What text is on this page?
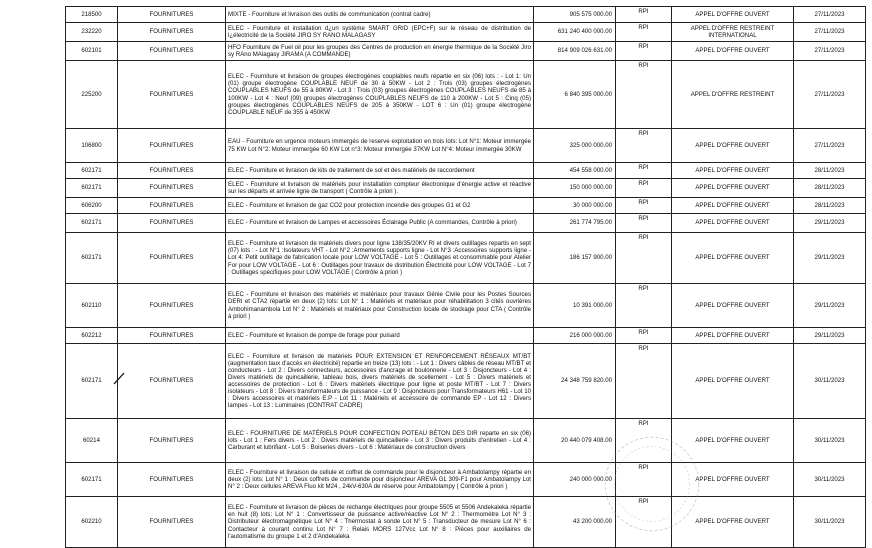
218500	FOURNITURES	MIXTE - Fourniture et livraison des outils de communication (contrat cadre)	905 575 000.00	RPI	APPEL D'OFFRE OUVERT	27/11/2023
232220	FOURNITURES	ELEC - Fourniture et installation d¿un système SMART GRID (EPC+F) sur le réseau de distribution de l¿électricité de la Société JIRO SY RANO MALAGASY	631 240 400 000.00	RPI	APPEL D'OFFRE RESTREINT INTERNATIONAL	27/11/2023
602101	FOURNITURES	HFO Fourniture de Fuel oil pour les groupes des Centres de production en énergie thermique de la Société Jiro sy RAno MAlagasy JIRAMA (A COMMANDE)	814 909 026 631.00	RPI	APPEL D'OFFRE OUVERT	27/11/2023
225200	FOURNITURES	ELEC - Fourniture et livraison de groupes électrogènes couplables neufs répartie en six (06) lots : - Lot 1: Un (01) groupe électrogène COUPLABLE NEUF de 30 à 50KW - Lot 2 : Trois (03) groupes électrogènes COUPLABLES NEUFS de 55 à 80KW - Lot 3 : Trois (03) groupes électrogènes COUPLABLES NEUFS de 85 à 100KW - Lot 4 : Neuf (09) groupes électrogènes COUPLABLES NEUFS de 110 à 200KW - Lot 5 : Cinq (05) groupes électrogènes COUPLABLES NEUFS de 205 à 350KW - LOT 6 : Un (01) groupe électrogène COUPLABLE NEUF de 355 à 450KW	6 840 395 000.00	RPI	APPEL D'OFFRE RESTREINT	27/11/2023
106800	FOURNITURES	EAU - Fourniture en urgence moteurs immergés de reserve exploitation en trois lots: Lot N°1: Moteur immergée 75 KW Lot N°2: Moteur immergée 60 KW Lot n°3: Moteur immergée 37KW Lot N°4: Moteur immergée 30KW	325 000 000.00	RPI	APPEL D'OFFRE OUVERT	27/11/2023
602171	FOURNITURES	ELEC - Fourniture et livraison de kits de traitement de sol et des matériels de raccordement	454 558 000.00	RPI	APPEL D'OFFRE OUVERT	28/11/2023
602171	FOURNITURES	ELEC - Fourniture et livraison de matériels pour installation compteur électronique d'énergie active et réactive sur les départs et arrivée ligne de transport ( Contrôle à priori ).	150 000 000.00	RPI	APPEL D'OFFRE OUVERT	28/11/2023
606200	FOURNITURES	ELEC - Fourniture et livraison de gaz CO2 pour protection incendie des groupes G1 et G2	30 000 000.00	RPI	APPEL D'OFFRE OUVERT	28/11/2023
602171	FOURNITURES	ELEC - Fourniture et livraison de Lampes et accessoires Éclairage Public (A commandes, Contrôle à priori)	261 774 795.00	RPI	APPEL D'OFFRE OUVERT	29/11/2023
602171	FOURNITURES	ELEC - Fourniture et livraison de matériels divers pour ligne 138/35/20KV RI et divers outillages repartis en sept (07) lots : - Lot N°1 :Isolateurs VHT - Lot N°2 :Armements supports ligne - Lot N°3 :Accessoires supports ligne - Lot 4: Petit outillage de fabrication locale pour LOW VOLTAGE - Lot 5 : Outillages et consommable pour Atelier For pour LOW VOLTAGE - Lot 6 : Outillages pour travaux de distribution Électricité pour LOW VOLTAGE - Lot 7 : Outillages spécifiques pour LOW VOLTAGE ( Contrôle à priori )	186 157 900.00	RPI	APPEL D'OFFRE OUVERT	29/11/2023
602110	FOURNITURES	ELEC - Fourniture et livraison des matériels et matériaux pour travaux Génie Civile pour les Postes Sources DERI et CTA2 répartie en deux (2) lots: Lot N° 1 : Matériels et matériaux pour réhabilitation 3 cités ouvrières Ambohimanambola Lot N° 2 : Matériels et matériaux pour Construction locale de stockage pour CTA ( Contrôle à priori )	10 391 000.00	RPI	APPEL D'OFFRE OUVERT	29/11/2023
602212	FOURNITURES	ELEC - Fourniture et livraison de pompe de forage pour puisard	216 000 000.00	RPI	APPEL D'OFFRE OUVERT	29/11/2023
602171	FOURNITURES	ELEC - Fourniture et livraison de matériels POUR EXTENSION ET RENFORCEMENT RÉSEAUX MT/BT (augmentation taux d'accès en électricité) repartie en treize (13) lots : - Lot 1 : Divers câbles de réseau MT/BT et conducteurs - Lot 2 : Divers connecteurs, accessoires d'ancrage et boulonnerie - Lot 3 : Disjoncteurs - Lot 4 : Divers matériels de quincaillerie, tableau bois, divers matériels de scellement - Lot 5 : Divers matériels et accessoires de protection - Lot 6 : Divers matériels électrique pour ligne et poste MT/BT - Lot 7 : Divers isolateurs - Lot 8 : Divers transformateurs de puissance - Lot 9 : Disjoncteurs pour Transformateurs H61 - Lot 10 : Divers accessoires et matériels E.P - Lot 11 : Matériels et accessoire de commande EP - Lot 12 : Divers lampes - Lot 13 : Luminaires (CONTRAT CADRE)	24 348 759 820.00	RPI	APPEL D'OFFRE OUVERT	30/11/2023
60214	FOURNITURES	ELEC - FOURNITURE DE MATÉRIELS POUR CONFECTION POTEAU BÉTON DES DIR reparte en six (06) lots - Lot 1 : Fers divers - Lot 2 : Divers matériels de quincaillerie - Lot 3 : Divers produits d'entretien - Lot 4 : Carburant et lubrifiant - Lot 5 : Boiseries divers - Lot 6 : Matériaux de construction divers	20 440 079 408.00	RPI	APPEL D'OFFRE OUVERT	30/11/2023
602171	FOURNITURES	ELEC - Fourniture et livraison de cellule et coffret de commande pour le disjoncteur à Ambatolampy répartie en deux (2) lots: Lot N° 1 : Deux coffrets de commande pour disjoncteur AREVA GL 309-F1 pour Ambatolampy Lot N° 2 : Deux cellules AREVA Fluo kit M24 , 24kV-630A de réserve pour Ambatolampy ( Contrôle à priori )	240 000 000.00	RPI	APPEL D'OFFRE OUVERT	30/11/2023
602210	FOURNITURES	ELEC - Fourniture et livraison de pièces de rechange électriques pour groupe 5505 et 5506 Andekaleka répartie en huit (8) lots: Lot N° 1 : Convertisseur de puissance active/réactive Lot N° 2 : Thermomètre Lot N° 3 : Distributeur électromagnétique Lot N° 4 : Thermostat à sonde Lot N° 5 : Transducteur de mesure Lot N° 6 : Contacteur à courant continu Lot N° 7 : Relais MORS 127Vcc Lot N° 8 : Pièces pour auxiliaires de l'automatisme du groupe 1 et 2 d'Andekaleka	43 200 000.00	RPI	APPEL D'OFFRE OUVERT	30/11/2023
